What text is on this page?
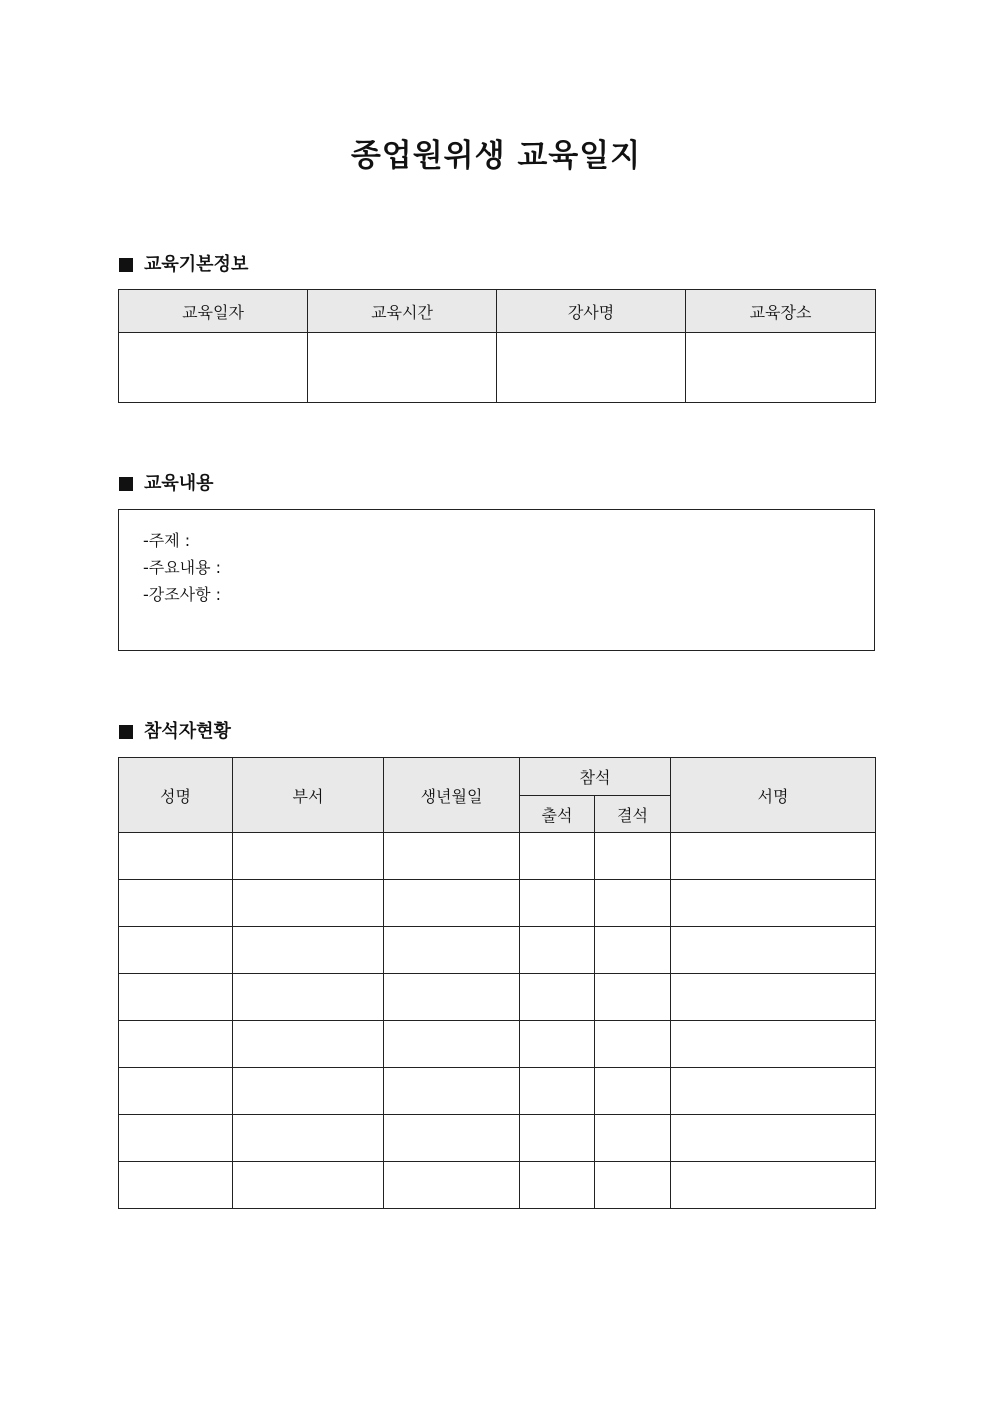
종업원위생 교육일지
교육기본정보
교육일자	교육시간	강사명	교육장소

교육내용
-주제 :
-주요내용 :
-강조사항 :
참석자현황
성명	부서	생년월일	참석		서명
			출석	결석	
